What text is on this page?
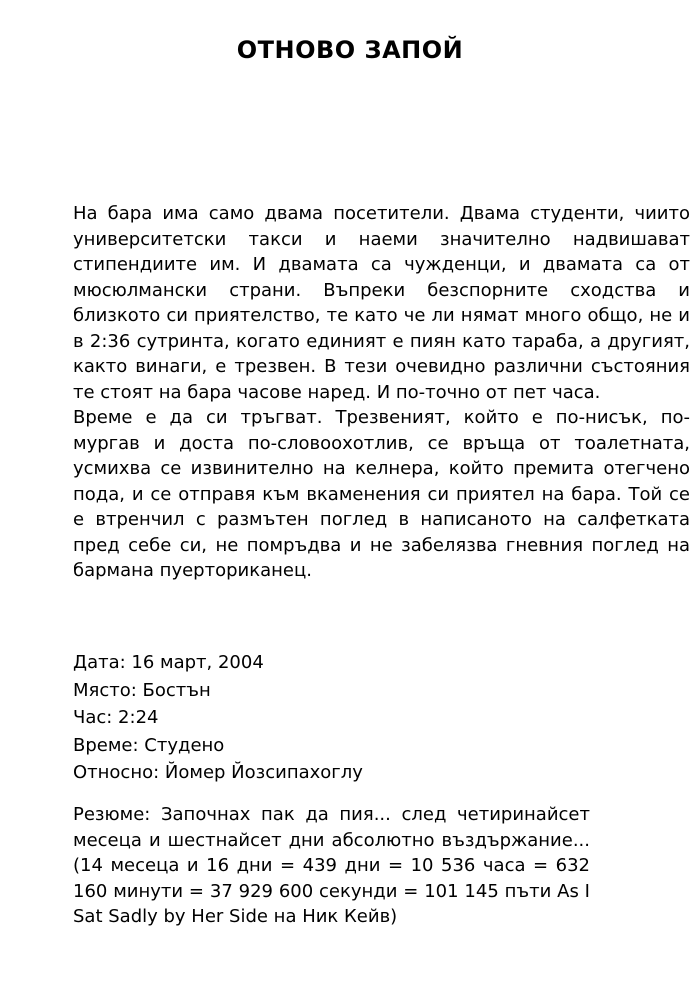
ОТНОВО ЗАПОЙ

На бара има само двама посетители. Двама студенти, чиито университетски такси и наеми значително надвишават стипендиите им. И двамата са чужденци, и двамата са от мюсюлмански страни. Въпреки безспорните сходства и близкото си приятелство, те като че ли нямат много общо, не и в 2:36 сутринта, когато единият е пиян като тараба, а другият, както винаги, е трезвен. В тези очевидно различни състояния те стоят на бара часове наред. И по-точно от пет часа.

Време е да си тръгват. Трезвеният, който е по-нисък, по-мургав и доста по-словоохотлив, се връща от тоалетната, усмихва се извинително на келнера, който премита отегчено пода, и се отправя към вкаменения си приятел на бара. Той се е втренчил с размътен поглед в написаното на салфетката пред себе си, не помръдва и не забелязва гневния поглед на бармана пуерториканец.

Дата: 16 март, 2004

Място: Бостън

Час: 2:24

Време: Студено

Относно: Йомер Йозсипахоглу

Резюме: Започнах пак да пия... след четиринайсет месеца и шестнайсет дни абсолютно въздържание... (14 месеца и 16 дни = 439 дни = 10 536 часа = 632 160 минути = 37 929 600 секунди = 101 145 пъти As I Sat Sadly by Her Side на Ник Кейв)
